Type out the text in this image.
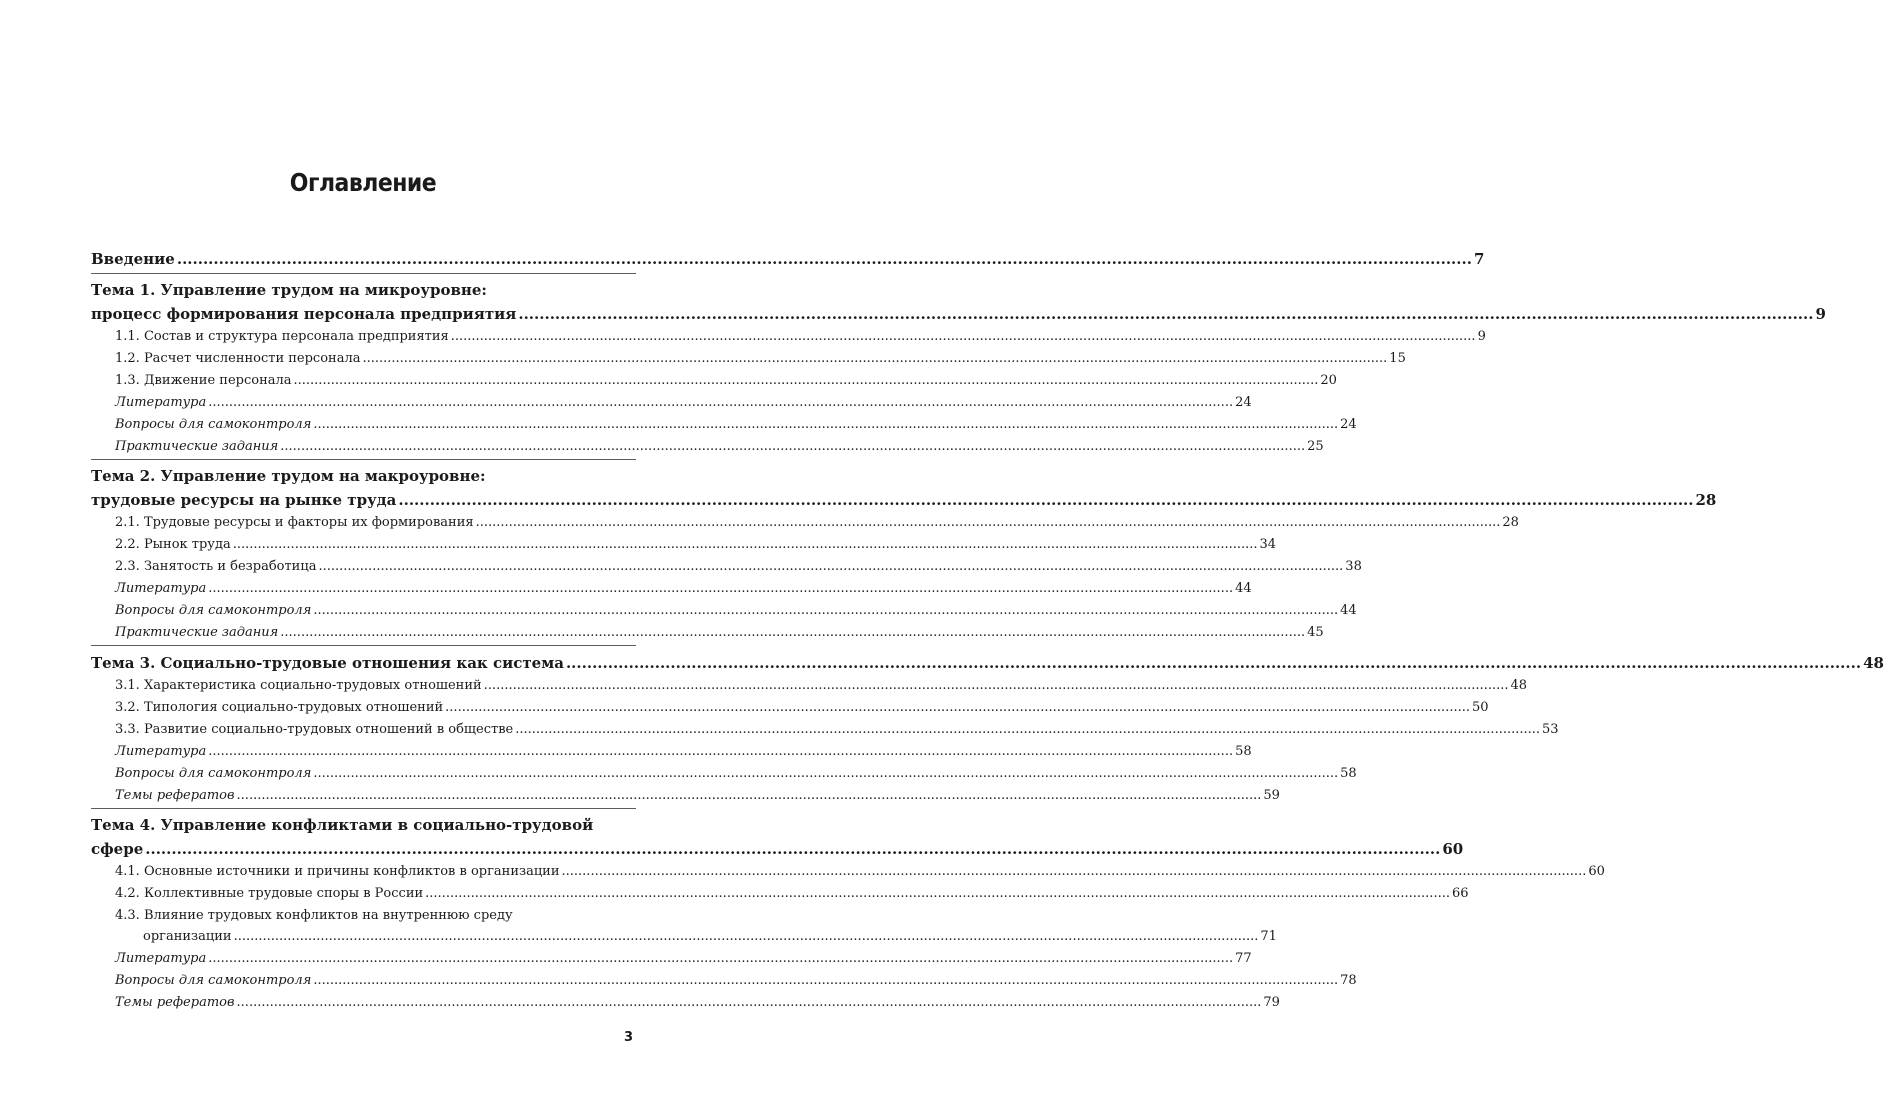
Оглавление
Введение .....	7
Тема 1. Управление трудом на микроуровне:
процесс формирования персонала предприятия .....	9
1.1. Состав и структура персонала предприятия .....	9
1.2. Расчет численности персонала .....	15
1.3. Движение персонала .....	20
Литература .....	24
Вопросы для самоконтроля .....	24
Практические задания .....	25
Тема 2. Управление трудом на макроуровне:
трудовые ресурсы на рынке труда .....	28
2.1. Трудовые ресурсы и факторы их формирования .....	28
2.2. Рынок труда .....	34
2.3. Занятость и безработица .....	38
Литература .....	44
Вопросы для самоконтроля .....	44
Практические задания .....	45
Тема 3. Социально-трудовые отношения как система .....	48
3.1. Характеристика социально-трудовых отношений .....	48
3.2. Типология социально-трудовых отношений .....	50
3.3. Развитие социально-трудовых отношений в обществе .....	53
Литература .....	58
Вопросы для самоконтроля .....	58
Темы рефератов .....	59
Тема 4. Управление конфликтами в социально-трудовой
сфере .....	60
4.1. Основные источники и причины конфликтов в организации .....	60
4.2. Коллективные трудовые споры в России .....	66
4.3. Влияние трудовых конфликтов на внутреннюю среду
организации .....	71
Литература .....	77
Вопросы для самоконтроля .....	78
Темы рефератов .....	79
3
